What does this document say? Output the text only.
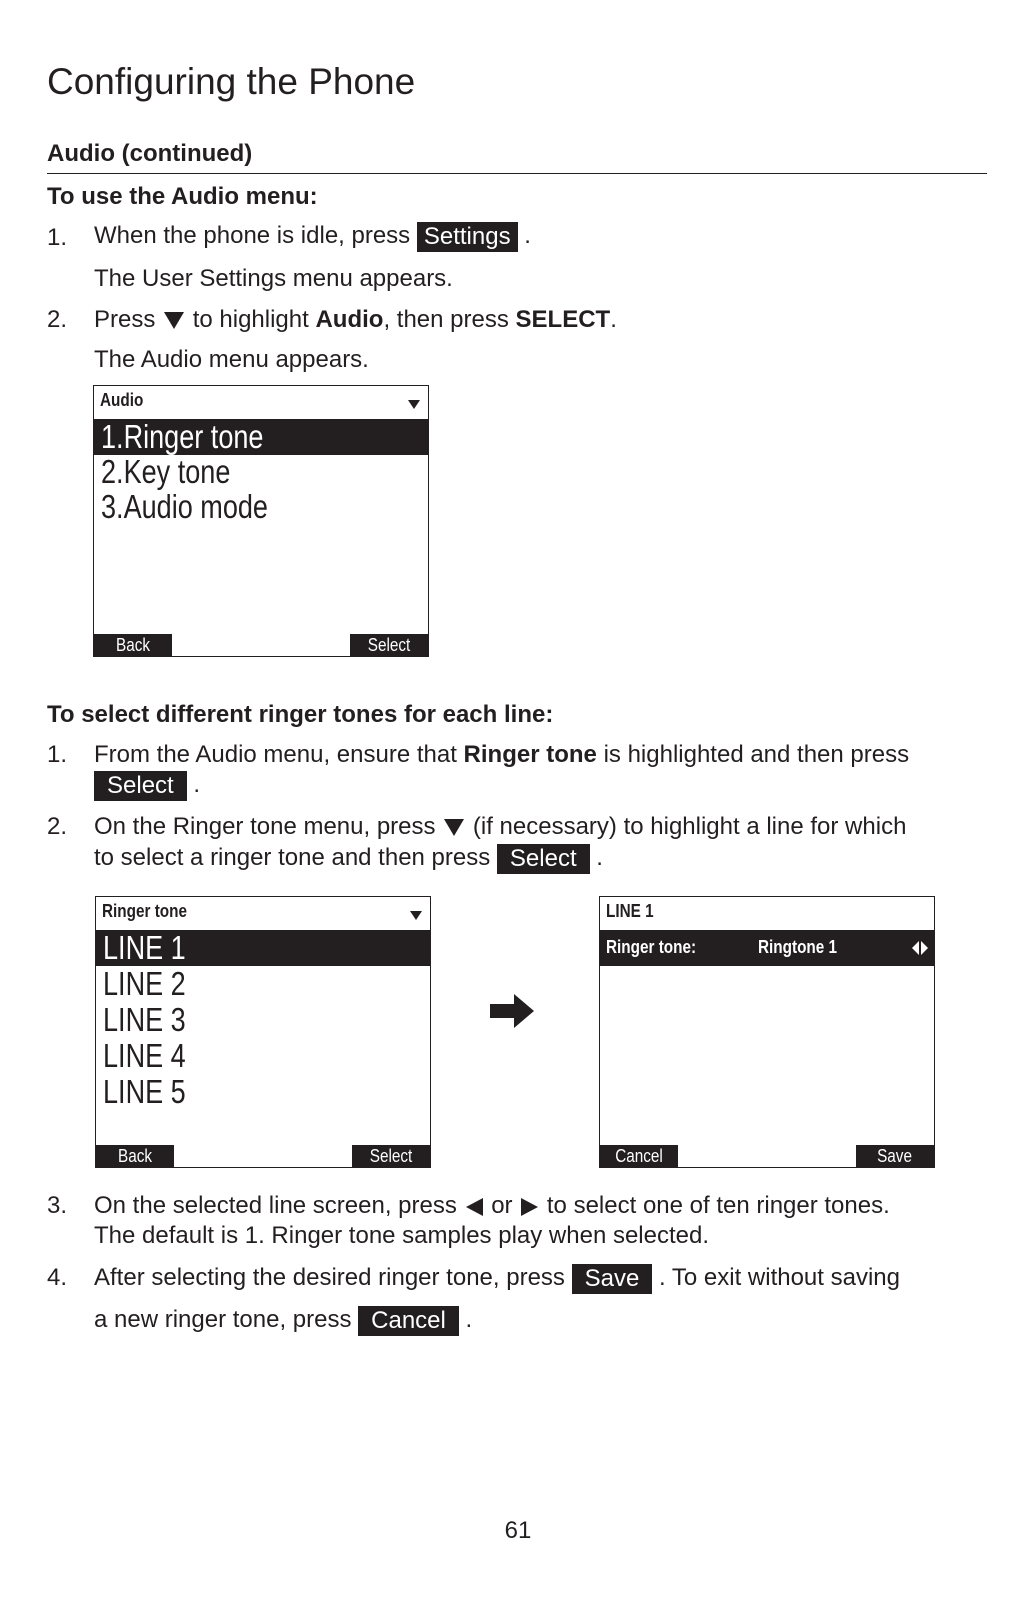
Configuring the Phone
Audio (continued)
To use the Audio menu:
1. When the phone is idle, press Settings .
The User Settings menu appears.
2. Press to highlight Audio, then press SELECT.
The Audio menu appears.
Audio
1.Ringer tone
2.Key tone
3.Audio mode
Back	Select
To select different ringer tones for each line:
1. From the Audio menu, ensure that Ringer tone is highlighted and then press
Select .
2. On the Ringer tone menu, press (if necessary) to highlight a line for which
to select a ringer tone and then press Select .
Ringer tone
LINE 1
LINE 2
LINE 3
LINE 4
LINE 5
Back	Select
LINE 1
Ringer tone:	Ringtone 1
Cancel	Save
3. On the selected line screen, press or to select one of ten ringer tones.
The default is 1. Ringer tone samples play when selected.
4. After selecting the desired ringer tone, press Save . To exit without saving
a new ringer tone, press Cancel .
61
